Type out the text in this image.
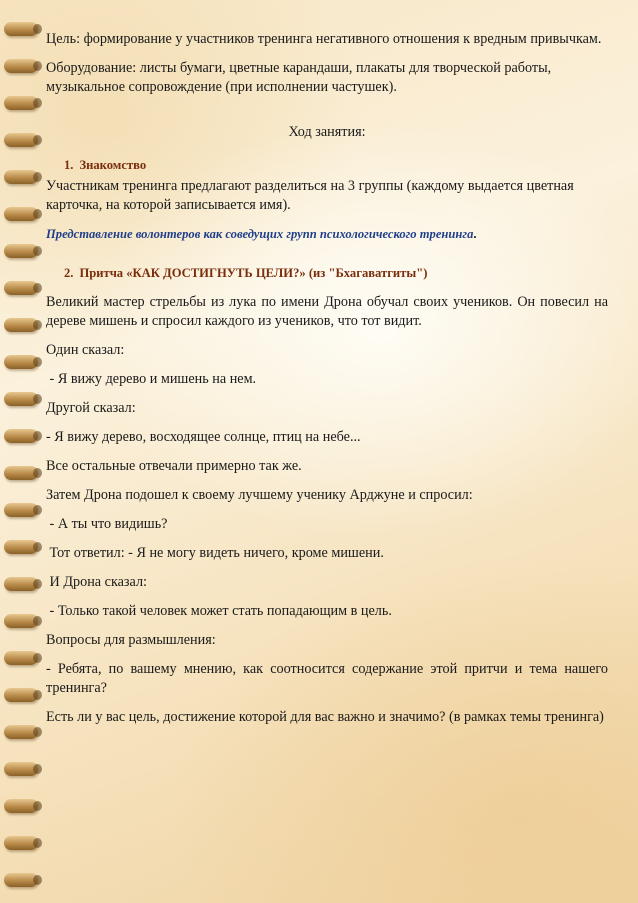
Цель: формирование у участников тренинга негативного отношения к вредным привычкам.

Оборудование: листы бумаги, цветные карандаши, плакаты для творческой работы, музыкальное сопровождение (при исполнении частушек).

Ход занятия:

1. Знакомство

Участникам тренинга предлагают разделиться на 3 группы (каждому выдается цветная карточка, на которой записывается имя).

Представление волонтеров как соведущих групп психологического тренинга.

2. Притча «КАК ДОСТИГНУТЬ ЦЕЛИ?» (из "Бхагаватгиты")

Великий мастер стрельбы из лука по имени Дрона обучал своих учеников. Он повесил на дереве мишень и спросил каждого из учеников, что тот видит.

Один сказал:

- Я вижу дерево и мишень на нем.

Другой сказал:

- Я вижу дерево, восходящее солнце, птиц на небе...

Все остальные отвечали примерно так же.

Затем Дрона подошел к своему лучшему ученику Арджуне и спросил:

- А ты что видишь?

Тот ответил: - Я не могу видеть ничего, кроме мишени.

И Дрона сказал:

- Только такой человек может стать попадающим в цель.

Вопросы для размышления:

- Ребята, по вашему мнению, как соотносится содержание этой притчи и тема нашего тренинга?

Есть ли у вас цель, достижение которой для вас важно и значимо? (в рамках темы тренинга)
